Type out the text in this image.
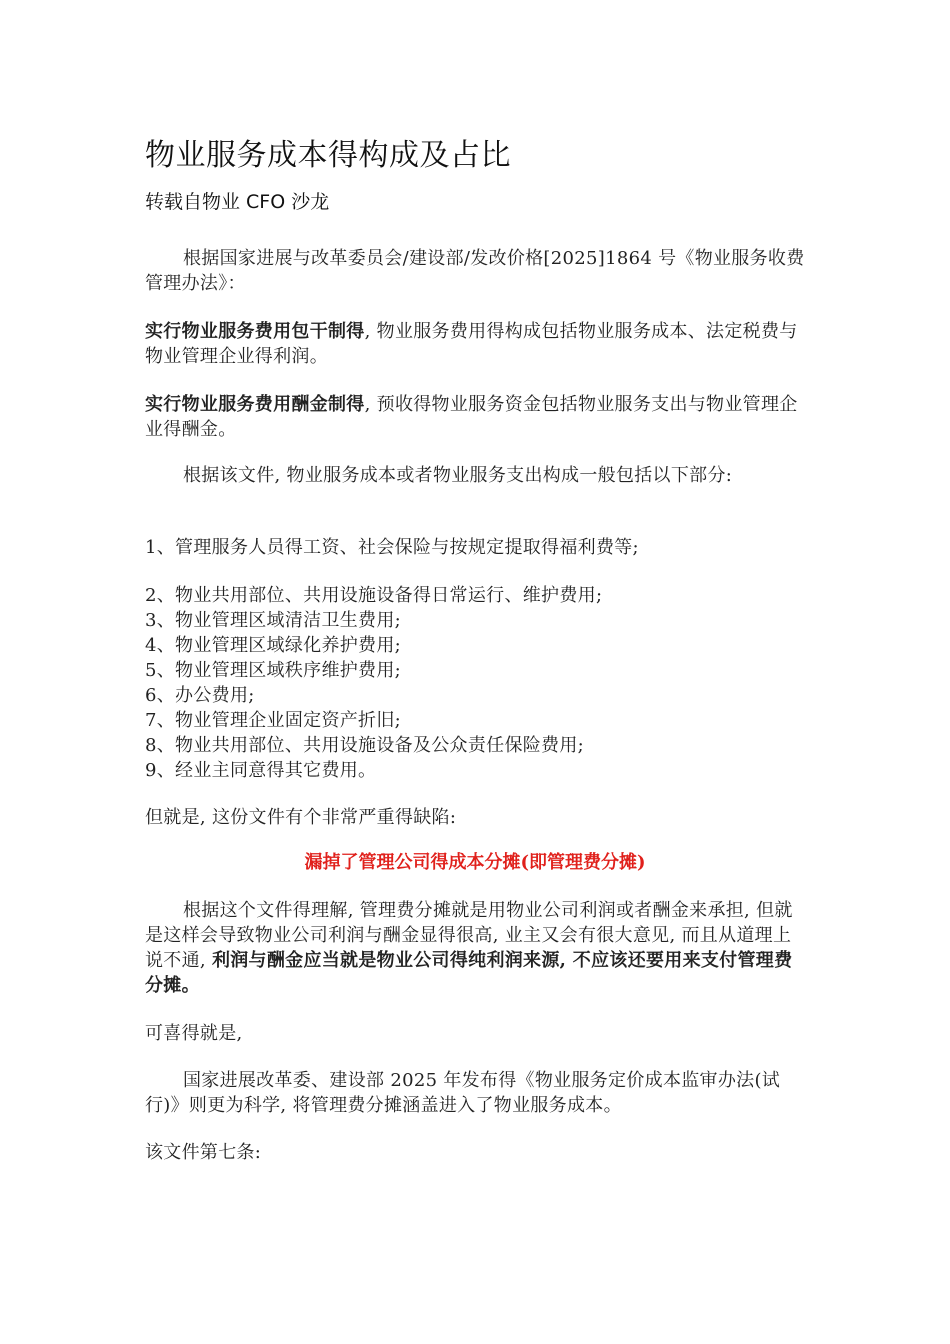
物业服务成本得构成及占比

转载自物业 CFO 沙龙

根据国家进展与改革委员会/建设部/发改价格[2025]1864 号《物业服务收费管理办法》：

实行物业服务费用包干制得, 物业服务费用得构成包括物业服务成本、法定税费与物业管理企业得利润。

实行物业服务费用酬金制得, 预收得物业服务资金包括物业服务支出与物业管理企业得酬金。

根据该文件, 物业服务成本或者物业服务支出构成一般包括以下部分:

1、管理服务人员得工资、社会保险与按规定提取得福利费等;

2、物业共用部位、共用设施设备得日常运行、维护费用;
3、物业管理区域清洁卫生费用;
4、物业管理区域绿化养护费用;
5、物业管理区域秩序维护费用;
6、办公费用;
7、物业管理企业固定资产折旧;
8、物业共用部位、共用设施设备及公众责任保险费用;
9、经业主同意得其它费用。

但就是, 这份文件有个非常严重得缺陷:

漏掉了管理公司得成本分摊(即管理费分摊)

根据这个文件得理解, 管理费分摊就是用物业公司利润或者酬金来承担, 但就是这样会导致物业公司利润与酬金显得很高, 业主又会有很大意见, 而且从道理上说不通, 利润与酬金应当就是物业公司得纯利润来源, 不应该还要用来支付管理费分摊。

可喜得就是,

国家进展改革委、建设部 2025 年发布得《物业服务定价成本监审办法(试行)》则更为科学, 将管理费分摊涵盖进入了物业服务成本。

该文件第七条:
